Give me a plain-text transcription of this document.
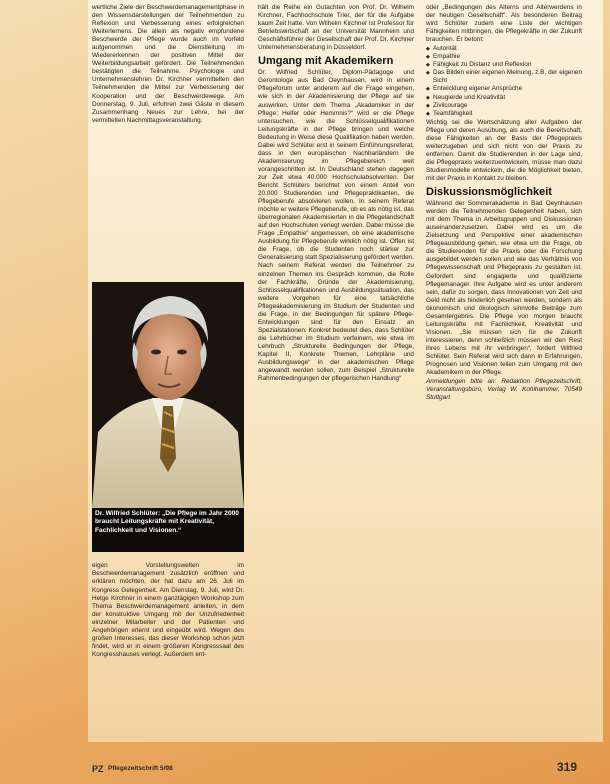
wertliche Ziele der Beschwerdemanagementphase in den Wissensdarstellungen der Teilnehmenden zu Reflexion und Verbesserung eines erfolgreichen Weiterlernens. Die allein als negativ empfundene Beschwerde der Pflege wurde auch im Vorfeld aufgenommen und die Dienstleitung im Wiedererkennen der positiven Mittel der Weiterbildungsarbeit gefördert. Die Teilnehmenden bestätigten die Teilnahme. Psychologie und Unternehmenslehren Dr. Kirchner vermittelten den Teilnehmenden die Mittel zur Verbesserung der Kooperation und der Beschwerdewege. Am Donnerstag, 9. Juli, erfuhren zwei Gäste in diesem Zusammenhang Neues zur Lehre, bei der vermittelten Nachmittagsveranstaltung.

Dr. Wilfried Schlüter: „Die Pflege im Jahr 2000 braucht Leitungskräfte mit Kreativität, Fachlichkeit und Visionen.“

eigen Vorstellungswelten im Beschwerdemanagement zusätzlich eröffnen und erklären möchten, der hat dazu am 26. Juli im Kongress Gelegenheit. Am Dienstag, 9. Juli, wird Dr. Helge Kirchner in einem ganztägigen Workshop zum Thema Beschwerdemanagement anleiten, in dem der konstruktive Umgang mit der Unzufriedenheit einzelner Mitarbeiter und der Patienten und Angehörigen erlernt und eingeübt wird. Wegen des großen Interesses, das dieser Workshop schon jetzt findet, wird er in einem größeren Kongresssaal des Kongresshauses verlegt. Außerdem ent-

hält die Reihe ein Gutachten von Prof. Dr. Wilhelm Kirchner, Fachhochschule Trier, der für die Aufgabe kaum Zeit hatte. Von Wilhelm Kirchner ist Professor für Betriebswirtschaft an der Universität Mannheim und Geschäftsführer der Gesellschaft der Prof. Dr. Kirchner Unternehmensberatung in Düsseldorf.

Umgang mit Akademikern

Dr. Wilfried Schlüter, Diplom-Pädagoge und Gerontologe aus Bad Oeynhausen, wird in einem Pflegeforum unter anderem auf die Frage eingehen, wie sich in der Akademisierung der Pflege auf sie auswirken. Unter dem Thema „Akademiker in der Pflege: Helfer oder Hemmnis?“ wird er die Pflege untersuchen, wie die Schlüsselqualifikationen Leitungskräfte in der Pflege bringen und welche Bedeutung in Weise diese Qualifikation haben werden. Dabei wird Schlüter erst in seinem Einführungsreferat, dass in den europäischen Nachbarländern die Akademisierung im Pflegebereich weit vorangeschritten ist. In Deutschland stehen dagegen zur Zeit etwa 40.000 Hochschulabsolventen. Der Bericht Schlüters berichtet von einem Anteil von 20.000 Studierenden und Pflegepraktikanten, die Pflegeberufe absolvieren wollen. In seinem Referat möchte er weitere Pflegeberufe, ob es als nötig ist, das überregionalen Akademisierten in die Pflegelandschaft auf den Hochschulen verlegt werden. Dabei müsse die Frage „Empathie“ angemessen, ob eine akademische Ausbildung für Pflegeberufe wirklich nötig ist. Offen ist die Frage, ob die Studenten noch stärker zur Generalisierung statt Spezialisierung gefördert werden. Nach seinem Referat werden die Teilnehmer zu einzelnen Themen ins Gespräch kommen, die Rolle der Fachkräfte, Gründe der Akademisierung, Schlüsselqualifikationen und Ausbildungssituation, das weitere Vorgehen für eine tatsächliche Pflegeakademisierung im Studium der Studenten und die Frage, in der Bedingungen für spätere Pflege-Entwicklungen sind für den Einsatz an Spezialstationen. Konkret bedeutet dies, dass Schlüter die Lehrbücher im Studium verfeinern, wie etwa im Lehrbuch „Strukturelle Bedingungen der Pflege, Kapitel II, Konkrete Themen, Lehrpläne und Ausbildungswege“ in der akademischen Pflege angewandt werden sollen, zum Beispiel „Strukturelle Rahmenbedingungen der pflegerischen Handlung“

oder „Bedingungen des Alterns und Alterwerdens in der heutigen Gesellschaft“. Als besonderen Beitrag wird Schlüter zudem eine Liste der wichtigen Fähigkeiten mitbringen, die Pflegekräfte in der Zukunft brauchen. Er betont:

◆ Autorität
◆ Empathie
◆ Fähigkeit zu Distanz und Reflexion
◆ Das Bilden einer eigenen Meinung, z.B. der eigenen Sicht
◆ Entwicklung eigener Ansprüche
◆ Neugierde und Kreativität
◆ Zivilcourage
◆ Teamfähigkeit

Wichtig sei die Wertschätzung aller Aufgaben der Pflege und deren Ausübung, als auch die Bereitschaft, diese Fähigkeiten an der Basis der Pflegepraxis weiterzugeben und sich nicht von der Praxis zu entfernen. Damit die Studierenden in der Lage sind, die Pflegepraxis weiterzuentwickeln, müsse man dazu Studienmodelle entwickeln, die die Möglichkeit bieten, mit der Praxis in Kontakt zu bleiben.

Diskussionsmöglichkeit

Während der Sommerakademie in Bad Oeynhausen werden die Teilnehmenden Gelegenheit haben, sich mit dem Thema in Arbeitsgruppen und Diskussionen auseinanderzusetzen. Dabei wird es um die Zielsetzung und Perspektive einer akademischen Pflegeausbildung gehen, wie etwa um die Frage, ob die Studierenden für die Praxis oder die Forschung ausgebildet werden sollen und wie das Verhältnis von Pflegewissenschaft und Pflegepraxis zu gestalten ist. Gefordert sind engagierte und qualifizierte Pflegemanager. Ihre Aufgabe wird es unter anderem sein, dafür zu sorgen, dass Innovationen von Zeit und Geld nicht als hinderlich gesehen werden, sondern als ökonomisch und ökologisch sinnvolle Beiträge zum Gesamtergebnis. Die Pflege von morgen braucht Leitungskräfte mit Fachlichkeit, Kreativität und Visionen. „Sie müssen sich für die Zukunft interessieren, denn schließlich müssen wir den Rest ihres Lebens mit ihr verbringen“, fordert Wilfried Schlüter. Sein Referat wird sich dann in Erfahrungen, Prognosen und Visionen teilen zum Umgang mit den Akademikern in der Pflege.

Anmeldungen bitte an: Redaktion Pflegezeitschrift, Veranstaltungsbüro, Verlag W. Kohlhammer, 70549 Stuttgart

PZ Pflegezeitschrift 5/98	319
